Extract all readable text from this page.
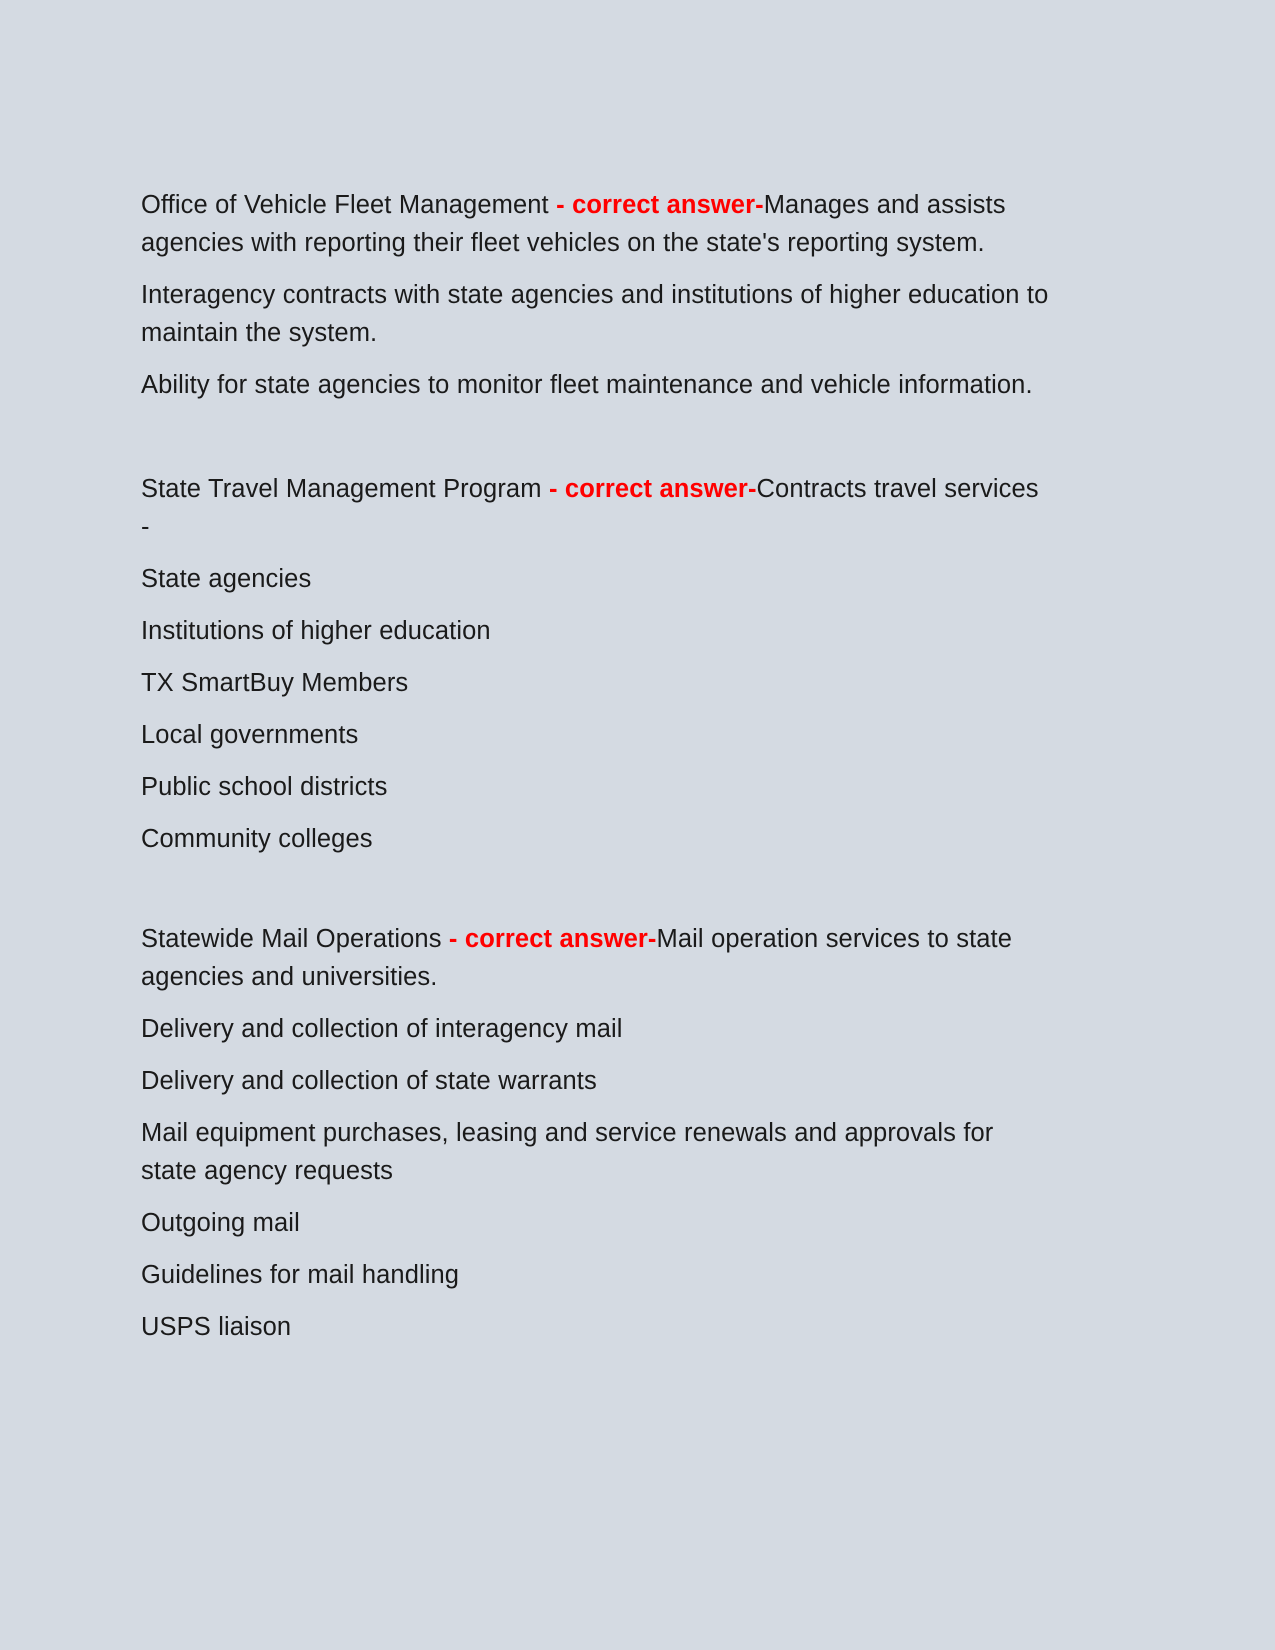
Office of Vehicle Fleet Management - correct answer-Manages and assists agencies with reporting their fleet vehicles on the state's reporting system.

Interagency contracts with state agencies and institutions of higher education to maintain the system.

Ability for state agencies to monitor fleet maintenance and vehicle information.

State Travel Management Program - correct answer-Contracts travel services -

State agencies

Institutions of higher education

TX SmartBuy Members

Local governments

Public school districts

Community colleges

Statewide Mail Operations - correct answer-Mail operation services to state agencies and universities.

Delivery and collection of interagency mail

Delivery and collection of state warrants

Mail equipment purchases, leasing and service renewals and approvals for state agency requests

Outgoing mail

Guidelines for mail handling

USPS liaison
